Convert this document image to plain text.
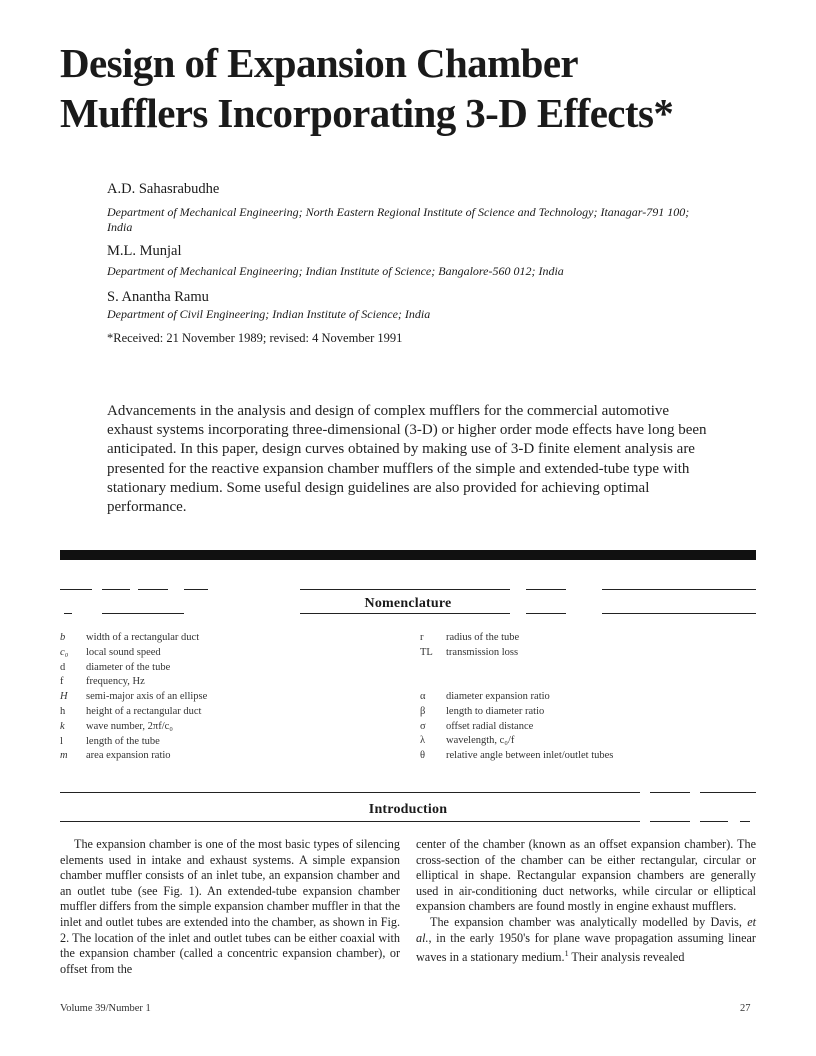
Design of Expansion Chamber
Mufflers Incorporating 3-D Effects*
A.D. Sahasrabudhe
Department of Mechanical Engineering; North Eastern Regional Institute of Science and Technology; Itanagar-791 100; India
M.L. Munjal
Department of Mechanical Engineering; Indian Institute of Science; Bangalore-560 012; India
S. Anantha Ramu
Department of Civil Engineering; Indian Institute of Science; India
*Received: 21 November 1989; revised: 4 November 1991

Advancements in the analysis and design of complex mufflers for the commercial automotive exhaust systems incorporating three-dimensional (3-D) or higher order mode effects have long been anticipated. In this paper, design curves obtained by making use of 3-D finite element analysis are presented for the reactive expansion chamber mufflers of the simple and extended-tube type with stationary medium. Some useful design guidelines are also provided for achieving optimal performance.

Nomenclature
b	width of a rectangular duct
c₀	local sound speed
d	diameter of the tube
f	frequency, Hz
H	semi-major axis of an ellipse
h	height of a rectangular duct
k	wave number, 2πf/c₀
l	length of the tube
m	area expansion ratio
r	radius of the tube
TL	transmission loss
α	diameter expansion ratio
β	length to diameter ratio
σ	offset radial distance
λ	wavelength, c₀/f
θ	relative angle between inlet/outlet tubes
Introduction

The expansion chamber is one of the most basic types of silencing elements used in intake and exhaust systems. A simple expansion chamber muffler consists of an inlet tube, an expansion chamber and an outlet tube (see Fig. 1). An extended-tube expansion chamber muffler differs from the simple expansion chamber muffler in that the inlet and outlet tubes are extended into the chamber, as shown in Fig. 2. The location of the inlet and outlet tubes can be either coaxial with the expansion chamber (called a concentric expansion chamber), or offset from the

center of the chamber (known as an offset expansion chamber). The cross-section of the chamber can be either rectangular, circular or elliptical in shape. Rectangular expansion chambers are generally used in air-conditioning duct networks, while circular or elliptical expansion chambers are found mostly in engine exhaust mufflers.

The expansion chamber was analytically modelled by Davis, et al., in the early 1950's for plane wave propagation assuming linear waves in a stationary medium.$^1$ Their analysis revealed

Volume 39/Number 1	27
